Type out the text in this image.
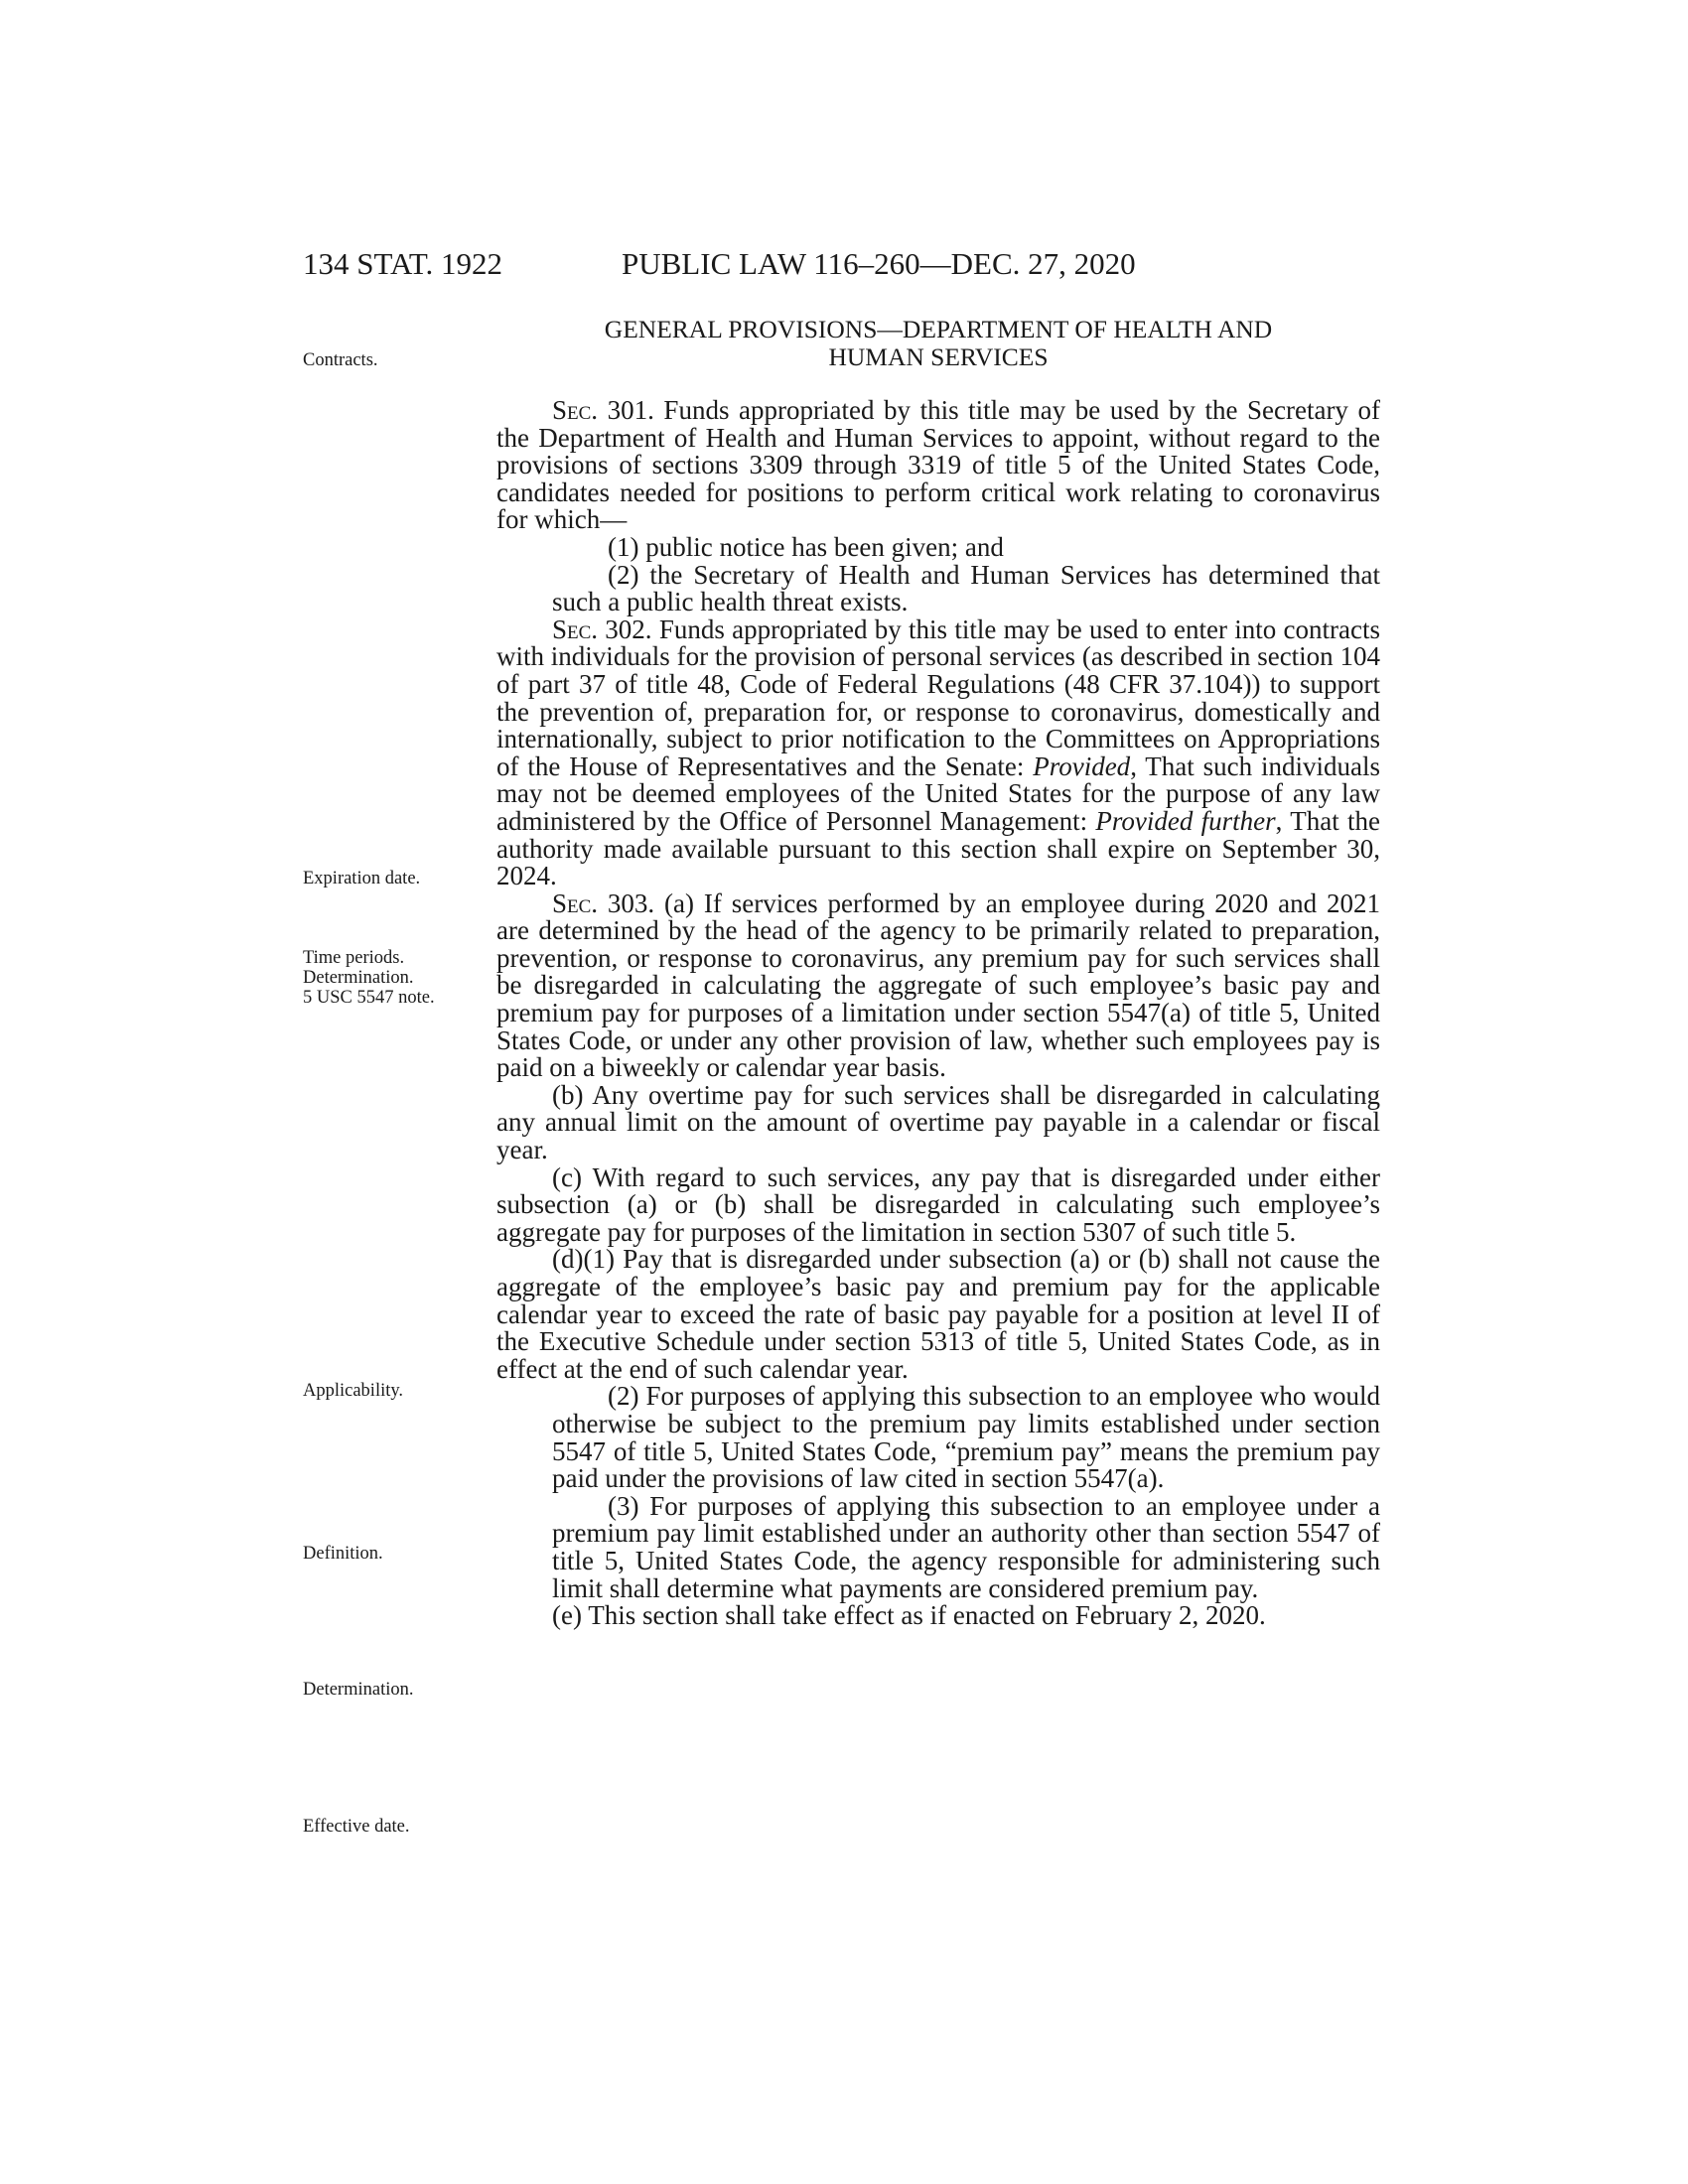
134 STAT. 1922	PUBLIC LAW 116–260—DEC. 27, 2020
GENERAL PROVISIONS—DEPARTMENT OF HEALTH AND
HUMAN SERVICES
Contracts.
Expiration date.
Time periods.
Determination.
5 USC 5547 note.
Applicability.
Definition.
Determination.
Effective date.

Sec. 301. Funds appropriated by this title may be used by the Secretary of the Department of Health and Human Services to appoint, without regard to the provisions of sections 3309 through 3319 of title 5 of the United States Code, candidates needed for positions to perform critical work relating to coronavirus for which—

(1) public notice has been given; and

(2) the Secretary of Health and Human Services has determined that such a public health threat exists.

Sec. 302. Funds appropriated by this title may be used to enter into contracts with individuals for the provision of personal services (as described in section 104 of part 37 of title 48, Code of Federal Regulations (48 CFR 37.104)) to support the prevention of, preparation for, or response to coronavirus, domestically and internationally, subject to prior notification to the Committees on Appropriations of the House of Representatives and the Senate: Provided, That such individuals may not be deemed employees of the United States for the purpose of any law administered by the Office of Personnel Management: Provided further, That the authority made available pursuant to this section shall expire on September 30, 2024.

Sec. 303. (a) If services performed by an employee during 2020 and 2021 are determined by the head of the agency to be primarily related to preparation, prevention, or response to coronavirus, any premium pay for such services shall be disregarded in calculating the aggregate of such employee’s basic pay and premium pay for purposes of a limitation under section 5547(a) of title 5, United States Code, or under any other provision of law, whether such employees pay is paid on a biweekly or calendar year basis.

(b) Any overtime pay for such services shall be disregarded in calculating any annual limit on the amount of overtime pay payable in a calendar or fiscal year.

(c) With regard to such services, any pay that is disregarded under either subsection (a) or (b) shall be disregarded in calculating such employee’s aggregate pay for purposes of the limitation in section 5307 of such title 5.

(d)(1) Pay that is disregarded under subsection (a) or (b) shall not cause the aggregate of the employee’s basic pay and premium pay for the applicable calendar year to exceed the rate of basic pay payable for a position at level II of the Executive Schedule under section 5313 of title 5, United States Code, as in effect at the end of such calendar year.

(2) For purposes of applying this subsection to an employee who would otherwise be subject to the premium pay limits established under section 5547 of title 5, United States Code, “premium pay” means the premium pay paid under the provisions of law cited in section 5547(a).

(3) For purposes of applying this subsection to an employee under a premium pay limit established under an authority other than section 5547 of title 5, United States Code, the agency responsible for administering such limit shall determine what payments are considered premium pay.

(e) This section shall take effect as if enacted on February 2, 2020.
